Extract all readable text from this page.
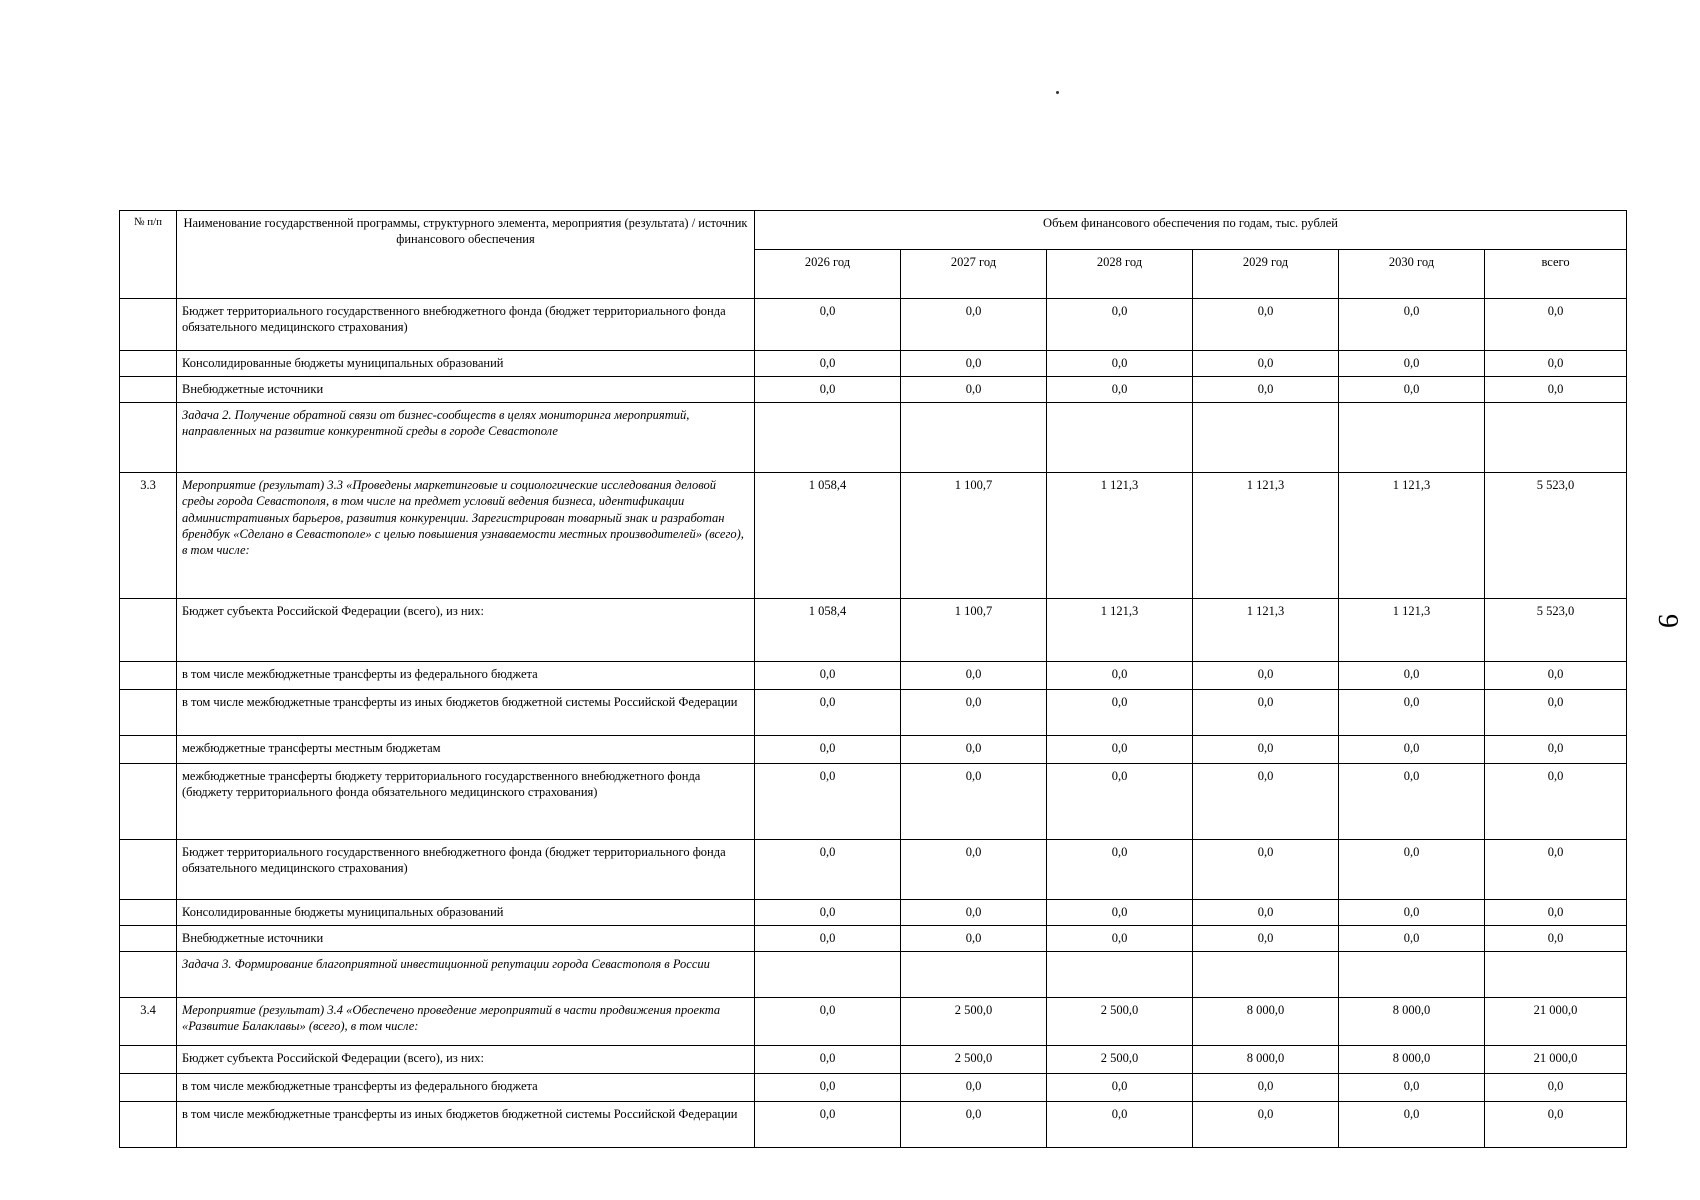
9
№ п/п	Наименование государственной программы, структурного элемента, мероприятия (результата) / источник финансового обеспечения	Объем финансового обеспечения по годам, тыс. рублей					
		2026 год	2027 год	2028 год	2029 год	2030 год	всего
	Бюджет территориального государственного внебюджетного фонда (бюджет территориального фонда обязательного медицинского страхования)	0,0	0,0	0,0	0,0	0,0	0,0
	Консолидированные бюджеты муниципальных образований	0,0	0,0	0,0	0,0	0,0	0,0
	Внебюджетные источники	0,0	0,0	0,0	0,0	0,0	0,0
	Задача 2. Получение обратной связи от бизнес-сообществ в целях мониторинга мероприятий, направленных на развитие конкурентной среды в городе Севастополе						
3.3	Мероприятие (результат) 3.3 «Проведены маркетинговые и социологические исследования деловой среды города Севастополя, в том числе на предмет условий ведения бизнеса, идентификации административных барьеров, развития конкуренции. Зарегистрирован товарный знак и разработан брендбук «Сделано в Севастополе» с целью повышения узнаваемости местных производителей» (всего), в том числе:	1 058,4	1 100,7	1 121,3	1 121,3	1 121,3	5 523,0
	Бюджет субъекта Российской Федерации (всего), из них:	1 058,4	1 100,7	1 121,3	1 121,3	1 121,3	5 523,0
	в том числе межбюджетные трансферты из федерального бюджета	0,0	0,0	0,0	0,0	0,0	0,0
	в том числе межбюджетные трансферты из иных бюджетов бюджетной системы Российской Федерации	0,0	0,0	0,0	0,0	0,0	0,0
	межбюджетные трансферты местным бюджетам	0,0	0,0	0,0	0,0	0,0	0,0
	межбюджетные трансферты бюджету территориального государственного внебюджетного фонда (бюджету территориального фонда обязательного медицинского страхования)	0,0	0,0	0,0	0,0	0,0	0,0
	Бюджет территориального государственного внебюджетного фонда (бюджет территориального фонда обязательного медицинского страхования)	0,0	0,0	0,0	0,0	0,0	0,0
	Консолидированные бюджеты муниципальных образований	0,0	0,0	0,0	0,0	0,0	0,0
	Внебюджетные источники	0,0	0,0	0,0	0,0	0,0	0,0
	Задача 3. Формирование благоприятной инвестиционной репутации города Севастополя в России						
3.4	Мероприятие (результат) 3.4 «Обеспечено проведение мероприятий в части продвижения проекта «Развитие Балаклавы» (всего), в том числе:	0,0	2 500,0	2 500,0	8 000,0	8 000,0	21 000,0
	Бюджет субъекта Российской Федерации (всего), из них:	0,0	2 500,0	2 500,0	8 000,0	8 000,0	21 000,0
	в том числе межбюджетные трансферты из федерального бюджета	0,0	0,0	0,0	0,0	0,0	0,0
	в том числе межбюджетные трансферты из иных бюджетов бюджетной системы Российской Федерации	0,0	0,0	0,0	0,0	0,0	0,0
